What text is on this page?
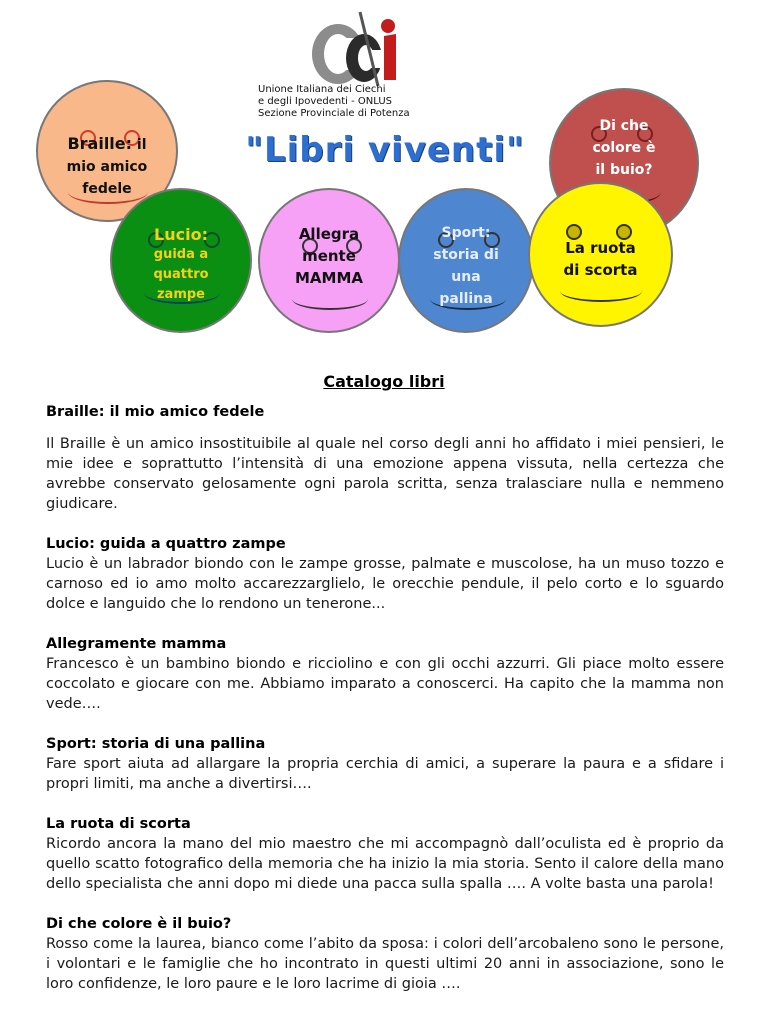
Unione Italiana dei Ciechi
e degli Ipovedenti - ONLUS
Sezione Provinciale di Potenza
"Libri viventi"
Braille: il
mio amico
fedele
Di che
colore è
il buio?
Lucio:
guida a
quattro
zampe
Allegra
mente
MAMMA
Sport:
storia di
una
pallina
La ruota
di scorta
Catalogo libri
Braille: il mio amico fedele

Il Braille è un amico insostituibile al quale nel corso degli anni ho affidato i miei pensieri, le mie idee e soprattutto l’intensità di una emozione appena vissuta, nella certezza che avrebbe conservato gelosamente ogni parola scritta, senza tralasciare nulla e nemmeno giudicare.

Lucio: guida a quattro zampe

Lucio è un labrador biondo con le zampe grosse, palmate e muscolose, ha un muso tozzo e carnoso ed io amo molto accarezzarglielo, le orecchie pendule, il pelo corto e lo sguardo dolce e languido che lo rendono un tenerone...

Allegramente mamma

Francesco è un bambino biondo e ricciolino e con gli occhi azzurri. Gli piace molto essere coccolato e giocare con me. Abbiamo imparato a conoscerci. Ha capito che la mamma non vede….

Sport: storia di una pallina

Fare sport aiuta ad allargare la propria cerchia di amici, a superare la paura e a sfidare i propri limiti, ma anche a divertirsi….

La ruota di scorta

Ricordo ancora la mano del mio maestro che mi accompagnò dall’oculista ed è proprio da quello scatto fotografico della memoria che ha inizio la mia storia. Sento il calore della mano dello specialista che anni dopo mi diede una pacca sulla spalla …. A volte basta una parola!

Di che colore è il buio?

Rosso come la laurea, bianco come l’abito da sposa: i colori dell’arcobaleno sono le persone, i volontari e le famiglie che ho incontrato in questi ultimi 20 anni in associazione, sono le loro confidenze, le loro paure e le loro lacrime di gioia ….
